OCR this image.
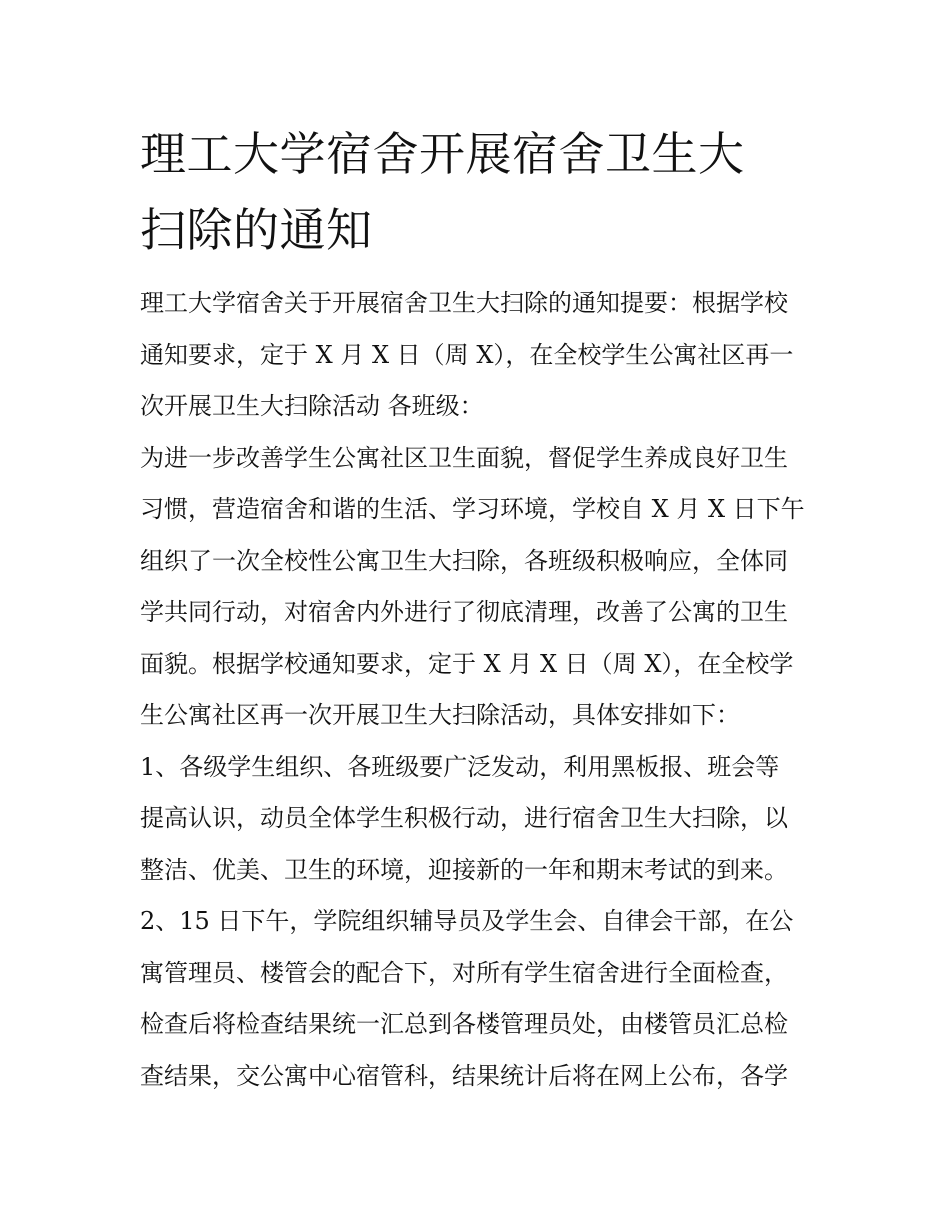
理工大学宿舍开展宿舍卫生大
扫除的通知
理工大学宿舍关于开展宿舍卫生大扫除的通知提要：根据学校
通知要求，定于 X 月 X 日（周 X），在全校学生公寓社区再一
次开展卫生大扫除活动 各班级：
为进一步改善学生公寓社区卫生面貌，督促学生养成良好卫生
习惯，营造宿舍和谐的生活、学习环境，学校自 X 月 X 日下午
组织了一次全校性公寓卫生大扫除，各班级积极响应，全体同
学共同行动，对宿舍内外进行了彻底清理，改善了公寓的卫生
面貌。根据学校通知要求，定于 X 月 X 日（周 X），在全校学
生公寓社区再一次开展卫生大扫除活动，具体安排如下：
1、各级学生组织、各班级要广泛发动，利用黑板报、班会等
提高认识，动员全体学生积极行动，进行宿舍卫生大扫除，以
整洁、优美、卫生的环境，迎接新的一年和期末考试的到来。
2、15 日下午，学院组织辅导员及学生会、自律会干部，在公
寓管理员、楼管会的配合下，对所有学生宿舍进行全面检查，
检查后将检查结果统一汇总到各楼管理员处，由楼管员汇总检
查结果，交公寓中心宿管科，结果统计后将在网上公布，各学
